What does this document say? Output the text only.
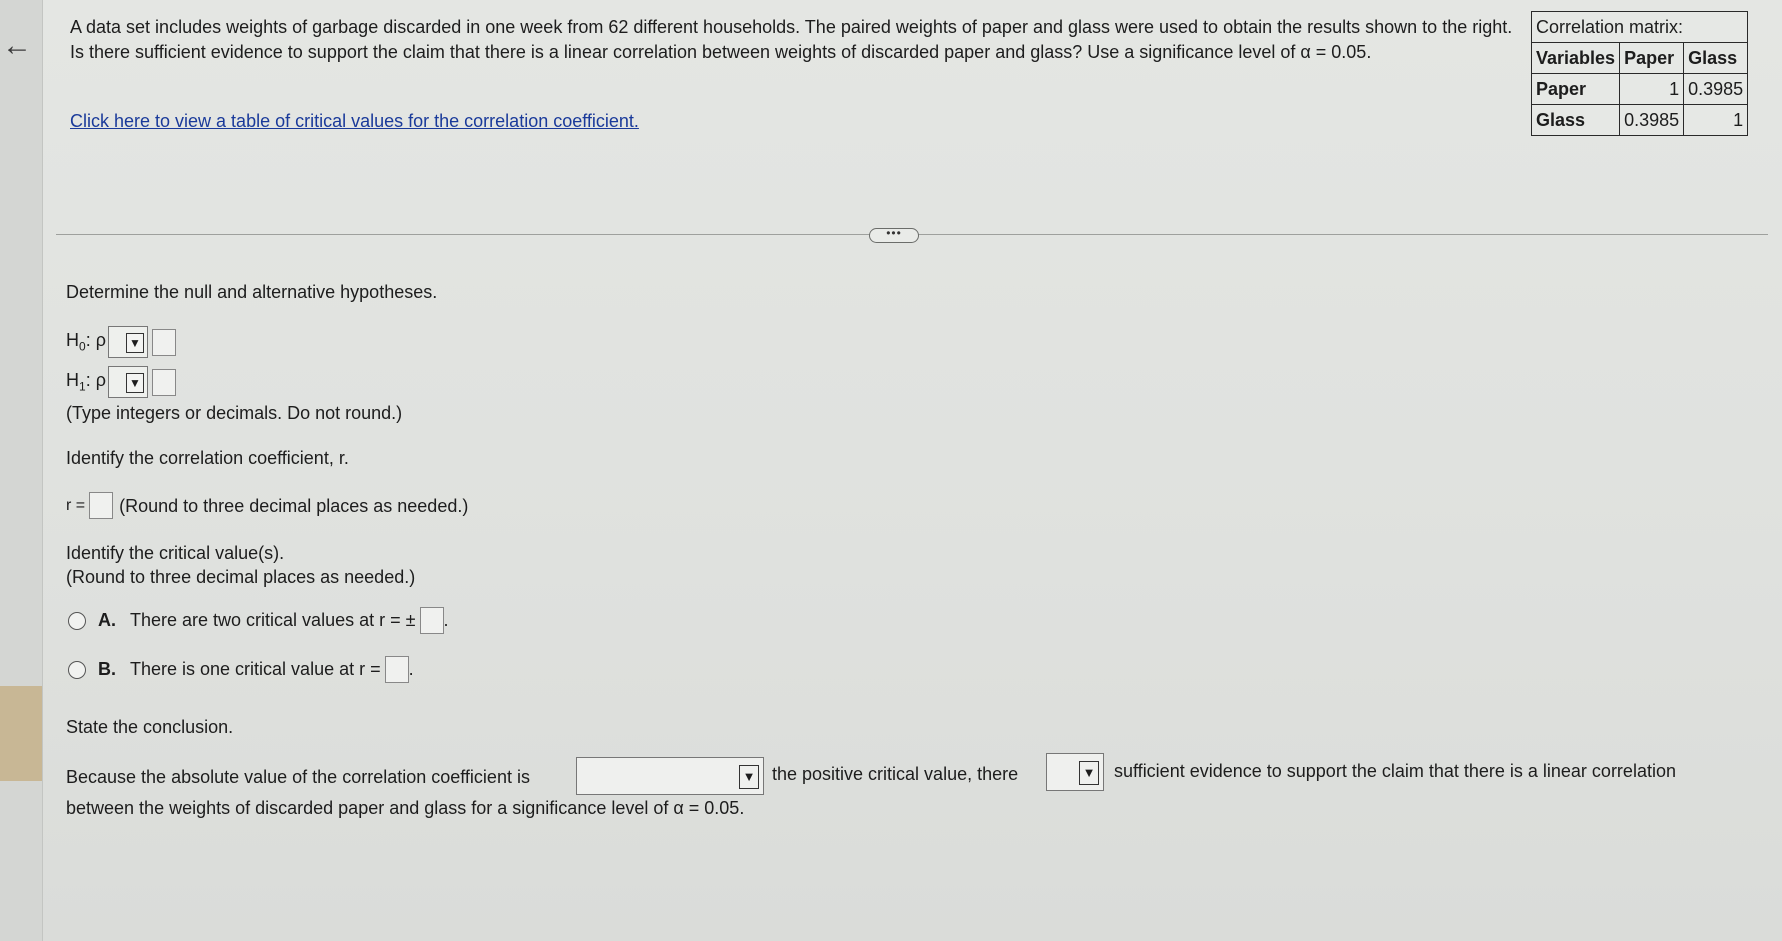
←
A data set includes weights of garbage discarded in one week from 62 different households. The paired weights of paper and glass were used to obtain the results shown to the right. Is there sufficient evidence to support the claim that there is a linear correlation between weights of discarded paper and glass? Use a significance level of α = 0.05.
Click here to view a table of critical values for the correlation coefficient.
Correlation matrix:		
Variables	Paper	Glass
Paper	1	0.3985
Glass	0.3985	1
•••
Determine the null and alternative hypotheses.
$H_0$: ρ ▼
$H_1$: ρ ▼
(Type integers or decimals. Do not round.)
Identify the correlation coefficient, r.
r = (Round to three decimal places as needed.)
Identify the critical value(s).
(Round to three decimal places as needed.)
A. There are two critical values at r = ± .
B. There is one critical value at r = .
State the conclusion.
Because the absolute value of the correlation coefficient is	▼ the positive critical value, there	▼ sufficient evidence to support the claim that there is a linear correlation
between the weights of discarded paper and glass for a significance level of α = 0.05.
